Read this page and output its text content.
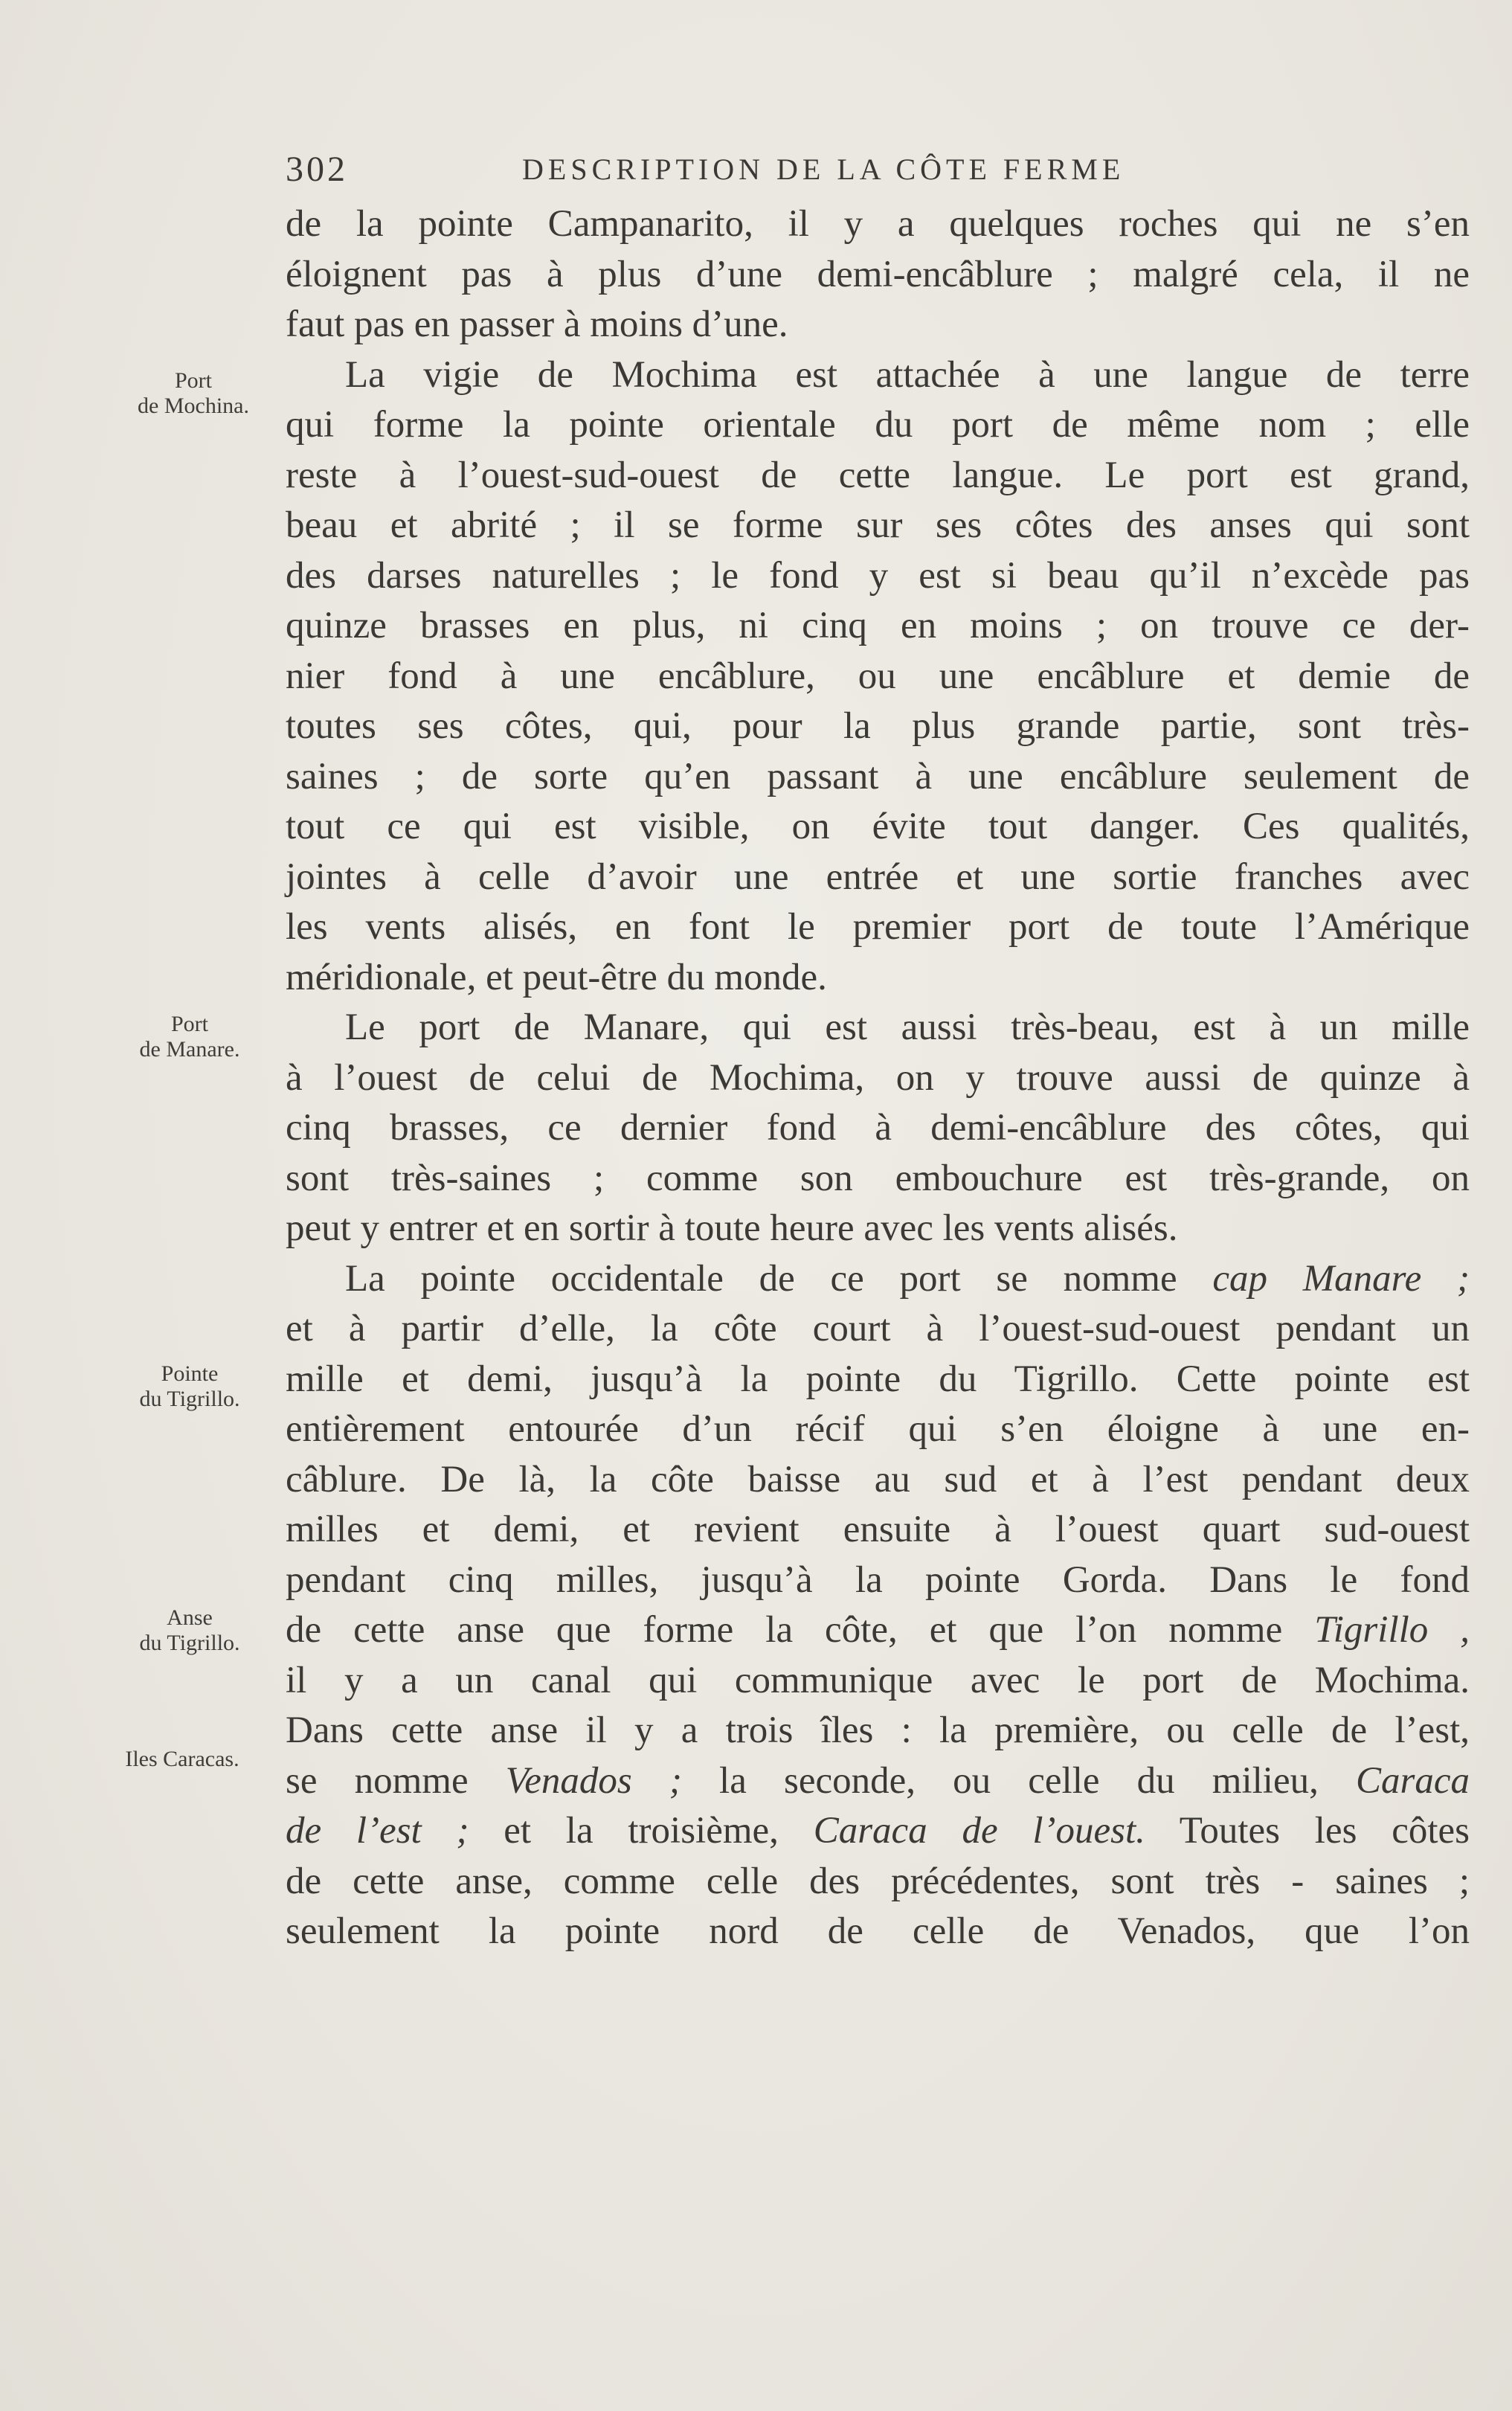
302	DESCRIPTION DE LA CÔTE FERME
Port
de Mochina.
Port
de Manare.
Pointe
du Tigrillo.
Anse
du Tigrillo.
Iles Caracas.
de la pointe Campanarito, il y a quelques roches qui ne s’en
éloignent pas à plus d’une demi-encâblure ; malgré cela, il ne
faut pas en passer à moins d’une.
La vigie de Mochima est attachée à une langue de terre
qui forme la pointe orientale du port de même nom ; elle
reste à l’ouest-sud-ouest de cette langue. Le port est grand,
beau et abrité ; il se forme sur ses côtes des anses qui sont
des darses naturelles ; le fond y est si beau qu’il n’excède pas
quinze brasses en plus, ni cinq en moins ; on trouve ce der-
nier fond à une encâblure, ou une encâblure et demie de
toutes ses côtes, qui, pour la plus grande partie, sont très-
saines ; de sorte qu’en passant à une encâblure seulement de
tout ce qui est visible, on évite tout danger. Ces qualités,
jointes à celle d’avoir une entrée et une sortie franches avec
les vents alisés, en font le premier port de toute l’Amérique
méridionale, et peut-être du monde.
Le port de Manare, qui est aussi très-beau, est à un mille
à l’ouest de celui de Mochima, on y trouve aussi de quinze à
cinq brasses, ce dernier fond à demi-encâblure des côtes, qui
sont très-saines ; comme son embouchure est très-grande, on
peut y entrer et en sortir à toute heure avec les vents alisés.
La pointe occidentale de ce port se nomme cap Manare ;
et à partir d’elle, la côte court à l’ouest-sud-ouest pendant un
mille et demi, jusqu’à la pointe du Tigrillo. Cette pointe est
entièrement entourée d’un récif qui s’en éloigne à une en-
câblure. De là, la côte baisse au sud et à l’est pendant deux
milles et demi, et revient ensuite à l’ouest quart sud-ouest
pendant cinq milles, jusqu’à la pointe Gorda. Dans le fond
de cette anse que forme la côte, et que l’on nomme Tigrillo ,
il y a un canal qui communique avec le port de Mochima.
Dans cette anse il y a trois îles : la première, ou celle de l’est,
se nomme Venados ; la seconde, ou celle du milieu, Caraca
de l’est ; et la troisième, Caraca de l’ouest. Toutes les côtes
de cette anse, comme celle des précédentes, sont très - saines ;
seulement la pointe nord de celle de Venados, que l’on
